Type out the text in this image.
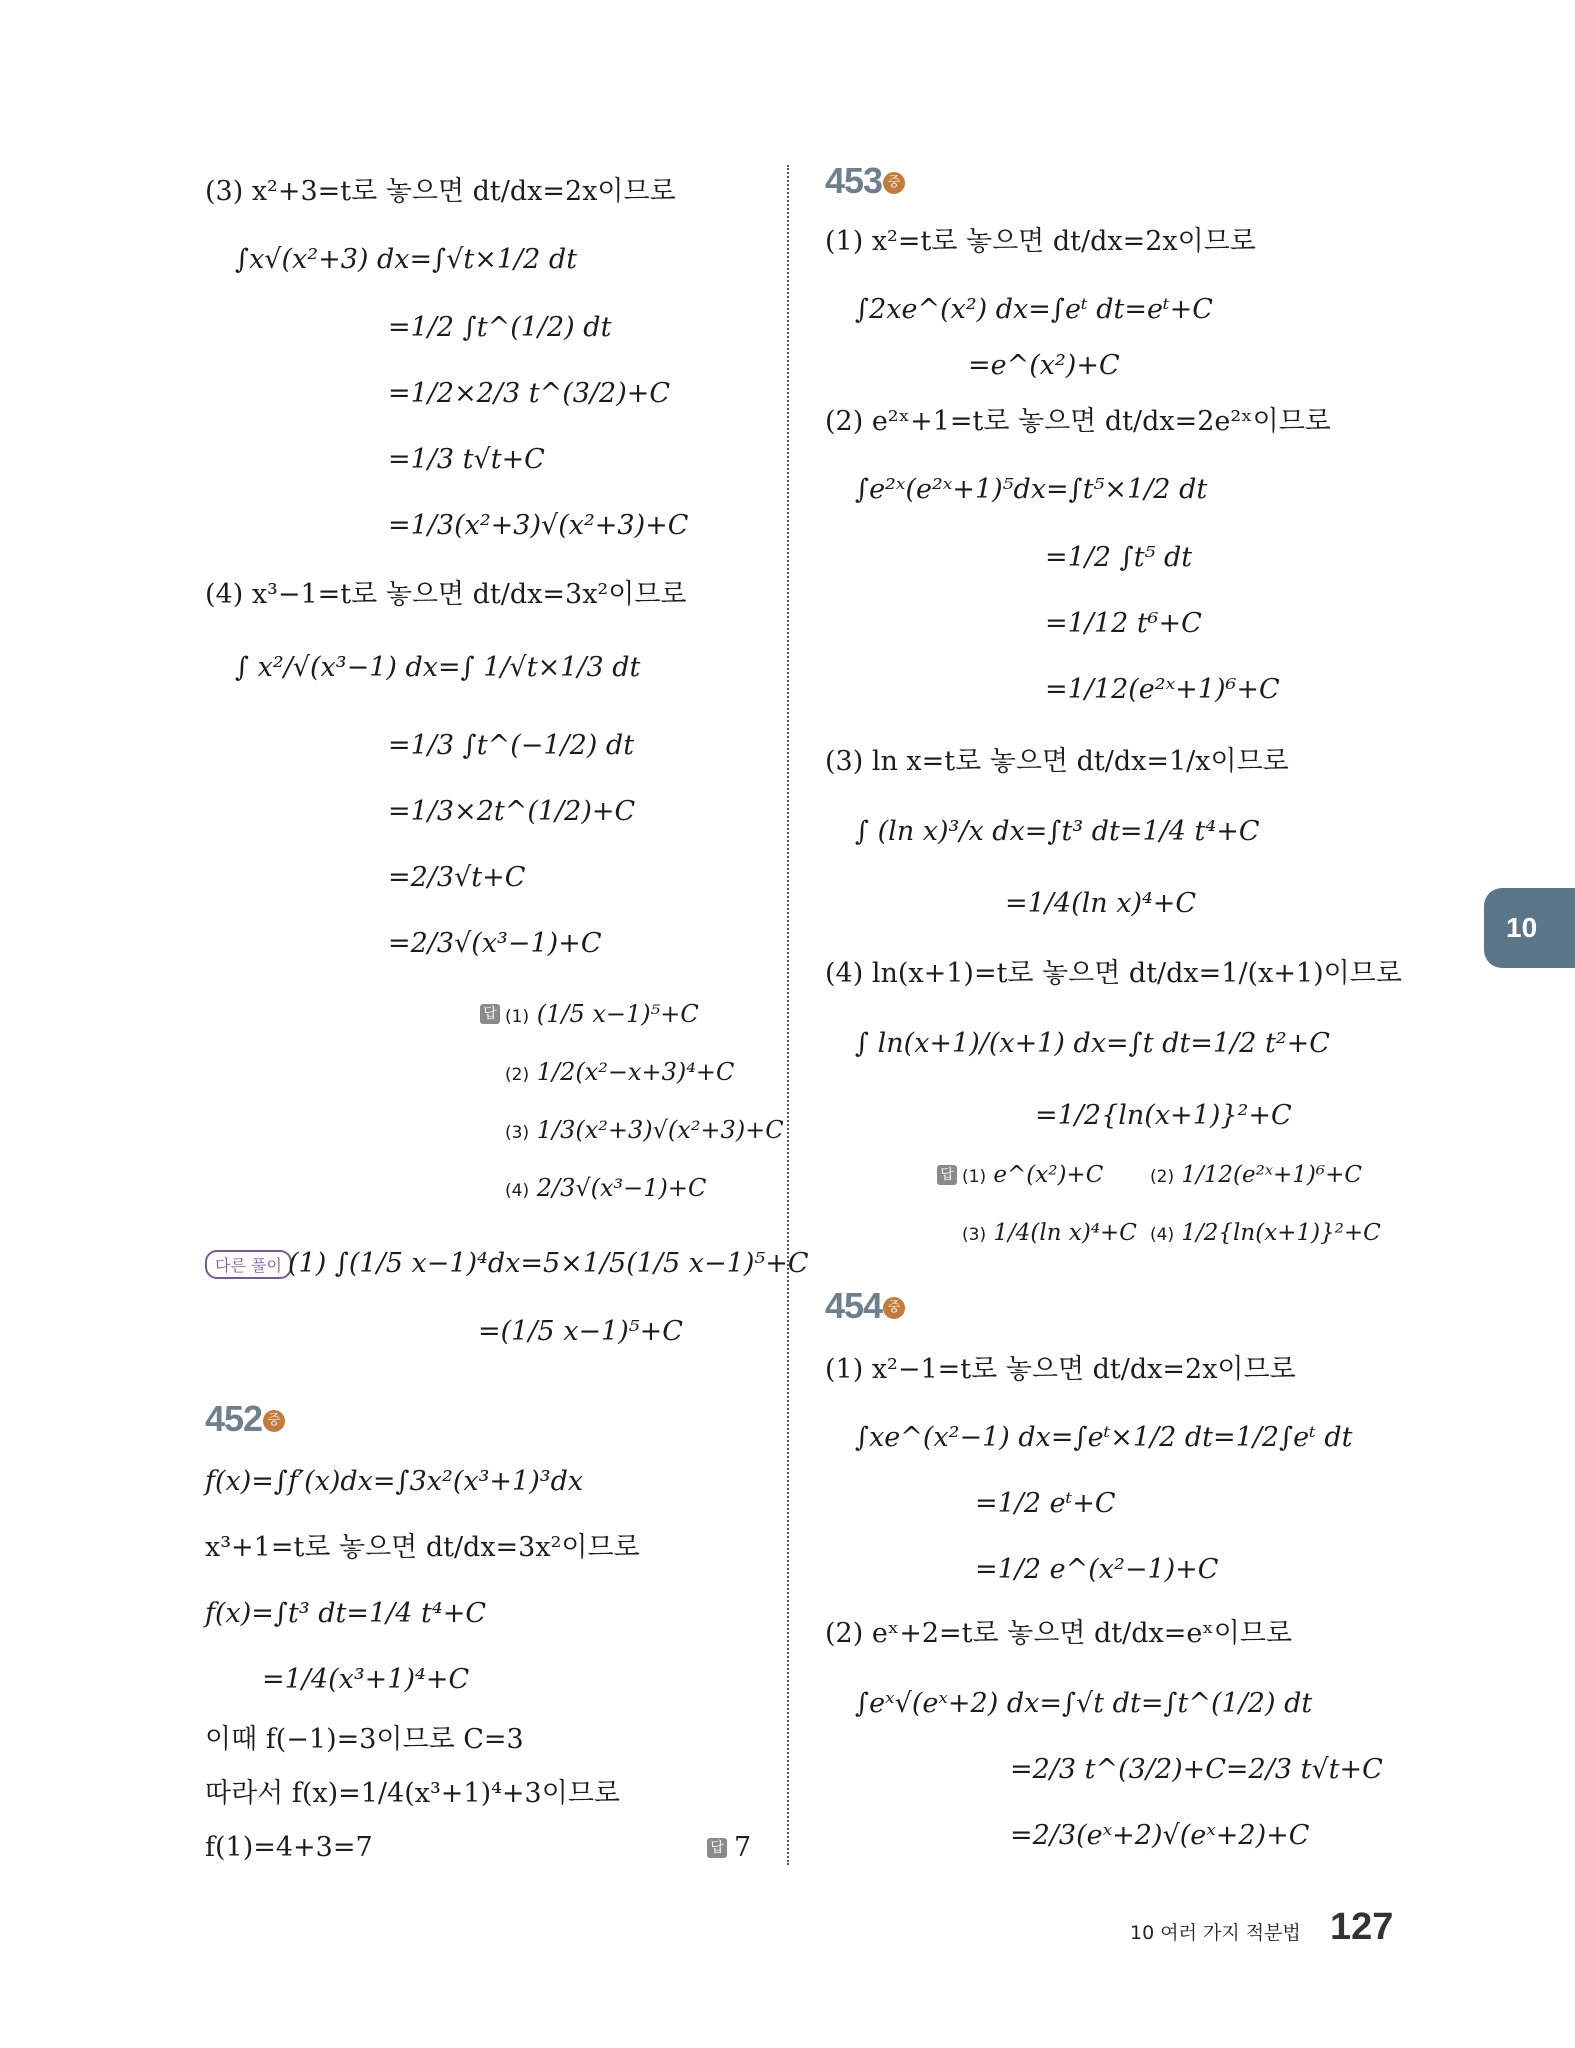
(3) x²+3=t로 놓으면 dt/dx=2x이므로
∫x√(x²+3) dx=∫√t×1/2 dt
=1/2 ∫t^(1/2) dt
=1/2×2/3 t^(3/2)+C
=1/3 t√t+C
=1/3(x²+3)√(x²+3)+C
(4) x³−1=t로 놓으면 dt/dx=3x²이므로
∫ x²/√(x³−1) dx=∫ 1/√t×1/3 dt
=1/3 ∫t^(−1/2) dt
=1/3×2t^(1/2)+C
=2/3√t+C
=2/3√(x³−1)+C
답 (1) (1/5 x−1)⁵+C
(2) 1/2(x²−x+3)⁴+C
(3) 1/3(x²+3)√(x²+3)+C
(4) 2/3√(x³−1)+C
다른 풀이 (1) ∫(1/5 x−1)⁴dx=5×1/5(1/5 x−1)⁵+C
=(1/5 x−1)⁵+C
452 중
f(x)=∫f′(x)dx=∫3x²(x³+1)³dx
x³+1=t로 놓으면 dt/dx=3x²이므로
f(x)=∫t³ dt=1/4 t⁴+C
=1/4(x³+1)⁴+C
이때 f(−1)=3이므로 C=3
따라서 f(x)=1/4(x³+1)⁴+3이므로
f(1)=4+3=7	답 7
453 중
(1) x²=t로 놓으면 dt/dx=2x이므로
∫2xe^(x²) dx=∫eᵗ dt=eᵗ+C
=e^(x²)+C
(2) e²ˣ+1=t로 놓으면 dt/dx=2e²ˣ이므로
∫e²ˣ(e²ˣ+1)⁵dx=∫t⁵×1/2 dt
=1/2 ∫t⁵ dt
=1/12 t⁶+C
=1/12(e²ˣ+1)⁶+C
(3) ln x=t로 놓으면 dt/dx=1/x이므로
∫ (ln x)³/x dx=∫t³ dt=1/4 t⁴+C
=1/4(ln x)⁴+C
(4) ln(x+1)=t로 놓으면 dt/dx=1/(x+1)이므로
∫ ln(x+1)/(x+1) dx=∫t dt=1/2 t²+C
=1/2{ln(x+1)}²+C
답 (1) e^(x²)+C	(2) 1/12(e²ˣ+1)⁶+C
(3) 1/4(ln x)⁴+C (4) 1/2{ln(x+1)}²+C
454 중
(1) x²−1=t로 놓으면 dt/dx=2x이므로
∫xe^(x²−1) dx=∫eᵗ×1/2 dt=1/2∫eᵗ dt
=1/2 eᵗ+C
=1/2 e^(x²−1)+C
(2) eˣ+2=t로 놓으면 dt/dx=eˣ이므로
∫eˣ√(eˣ+2) dx=∫√t dt=∫t^(1/2) dt
=2/3 t^(3/2)+C=2/3 t√t+C
=2/3(eˣ+2)√(eˣ+2)+C
10
10 여러 가지 적분법 127
